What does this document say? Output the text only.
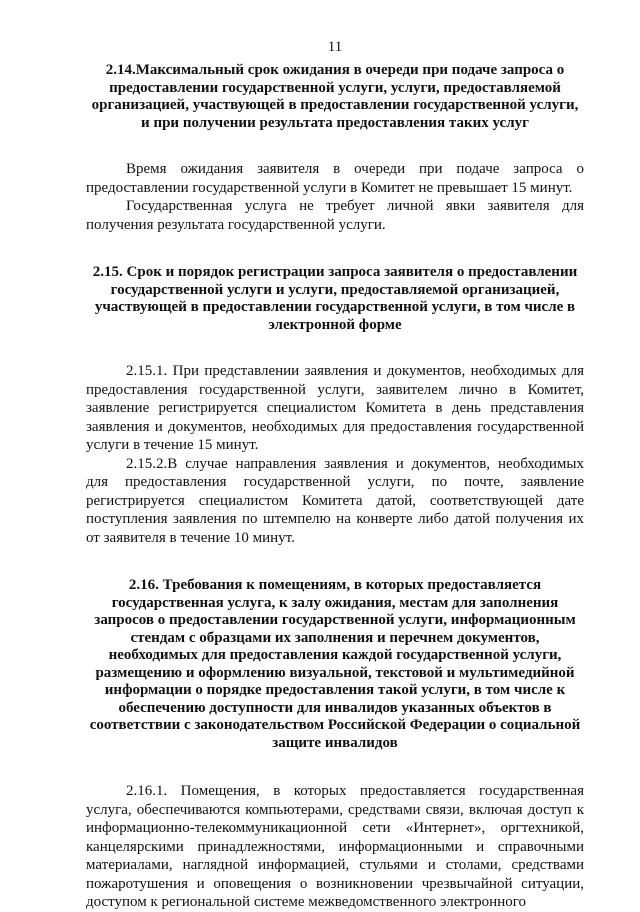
11

2.14.Максимальный срок ожидания в очереди при подаче запроса о предоставлении государственной услуги, услуги, предоставляемой организацией, участвующей в предоставлении государственной услуги, и при получении результата предоставления таких услуг

Время ожидания заявителя в очереди при подаче запроса о предоставлении государственной услуги в Комитет не превышает 15 минут.

Государственная услуга не требует личной явки заявителя для получения результата государственной услуги.

2.15. Срок и порядок регистрации запроса заявителя о предоставлении государственной услуги и услуги, предоставляемой организацией, участвующей в предоставлении государственной услуги, в том числе в электронной форме

2.15.1. При представлении заявления и документов, необходимых для предоставления государственной услуги, заявителем лично в Комитет, заявление регистрируется специалистом Комитета в день представления заявления и документов, необходимых для предоставления государственной услуги в течение 15 минут.

2.15.2.В случае направления заявления и документов, необходимых для предоставления государственной услуги, по почте, заявление регистрируется специалистом Комитета датой, соответствующей дате поступления заявления по штемпелю на конверте либо датой получения их от заявителя в течение 10 минут.

2.16. Требования к помещениям, в которых предоставляется государственная услуга, к залу ожидания, местам для заполнения запросов о предоставлении государственной услуги, информационным стендам с образцами их заполнения и перечнем документов, необходимых для предоставления каждой государственной услуги, размещению и оформлению визуальной, текстовой и мультимедийной информации о порядке предоставления такой услуги, в том числе к обеспечению доступности для инвалидов указанных объектов в соответствии с законодательством Российской Федерации о социальной защите инвалидов

2.16.1. Помещения, в которых предоставляется государственная услуга, обеспечиваются компьютерами, средствами связи, включая доступ к информационно-телекоммуникационной сети «Интернет», оргтехникой, канцелярскими принадлежностями, информационными и справочными материалами, наглядной информацией, стульями и столами, средствами пожаротушения и оповещения о возникновении чрезвычайной ситуации, доступом к региональной системе межведомственного электронного
